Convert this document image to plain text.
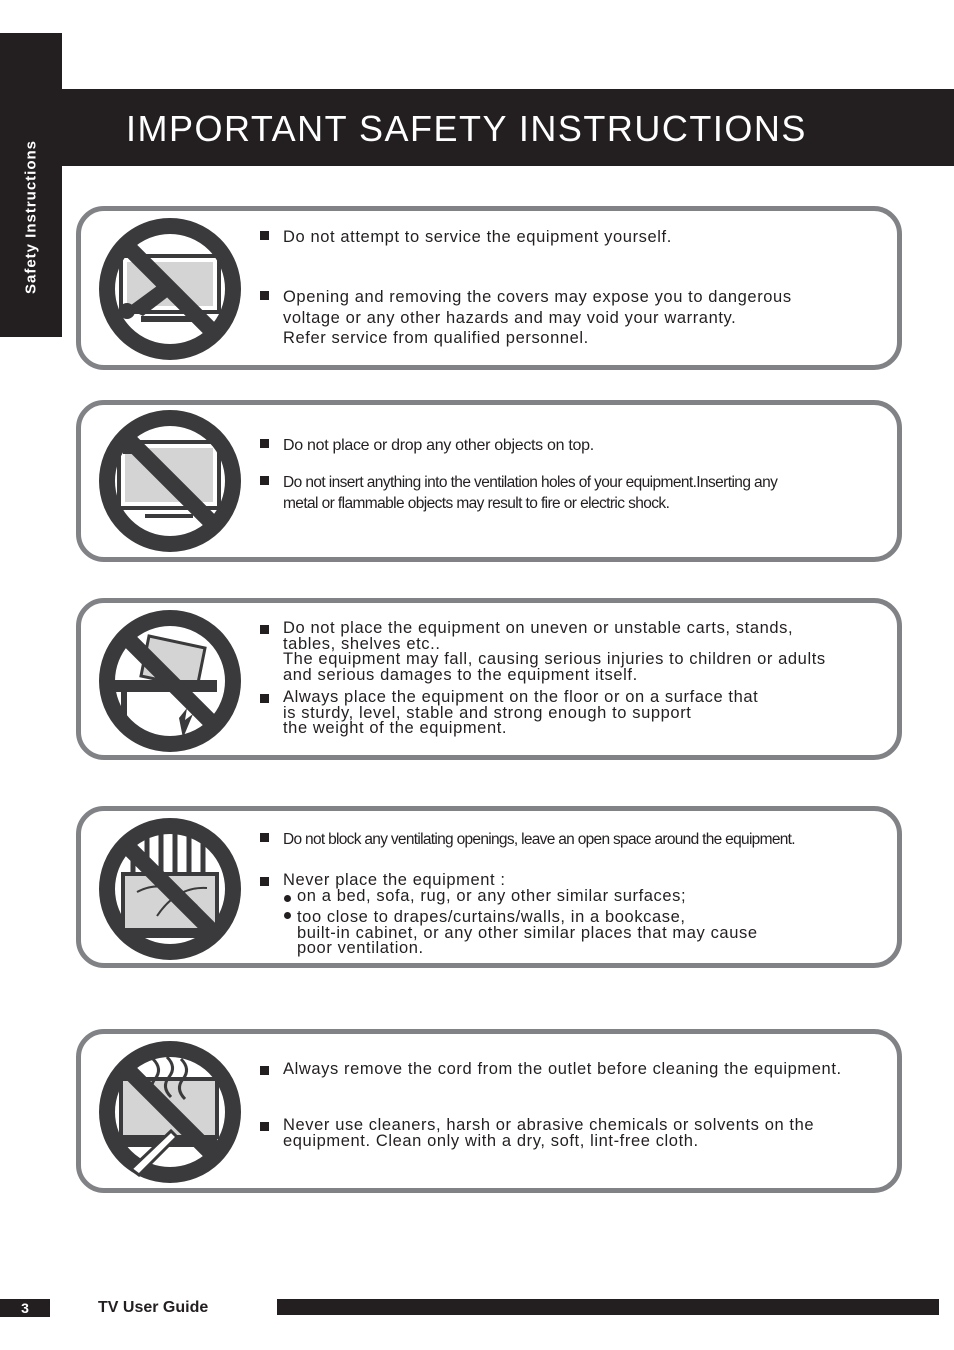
Safety Instructions
IMPORTANT SAFETY INSTRUCTIONS
Do not attempt to service the equipment yourself.
Opening and removing the covers may expose you to dangerous
voltage or any other hazards and may void your warranty.
Refer service from qualified personnel.
Do not place or drop any other objects on top.
Do not insert anything into the ventilation holes of your equipment.Inserting any
metal or flammable objects may result to fire or electric shock.
Do not place the equipment on uneven or unstable carts, stands,
tables, shelves etc..
The equipment may fall, causing serious injuries to children or adults
and serious damages to the equipment itself.
Always place the equipment on the floor or on a surface that
is sturdy, level, stable and strong enough to support
the weight of the equipment.
Do not block any ventilating openings, leave an open space around the equipment.
Never place the equipment :
on a bed, sofa, rug, or any other similar surfaces;
too close to drapes/curtains/walls, in a bookcase,
built-in cabinet, or any other similar places that may cause
poor ventilation.
Always remove the cord from the outlet before cleaning the equipment.
Never use cleaners, harsh or abrasive chemicals or solvents on the
equipment. Clean only with a dry, soft, lint-free cloth.
3	TV User Guide
